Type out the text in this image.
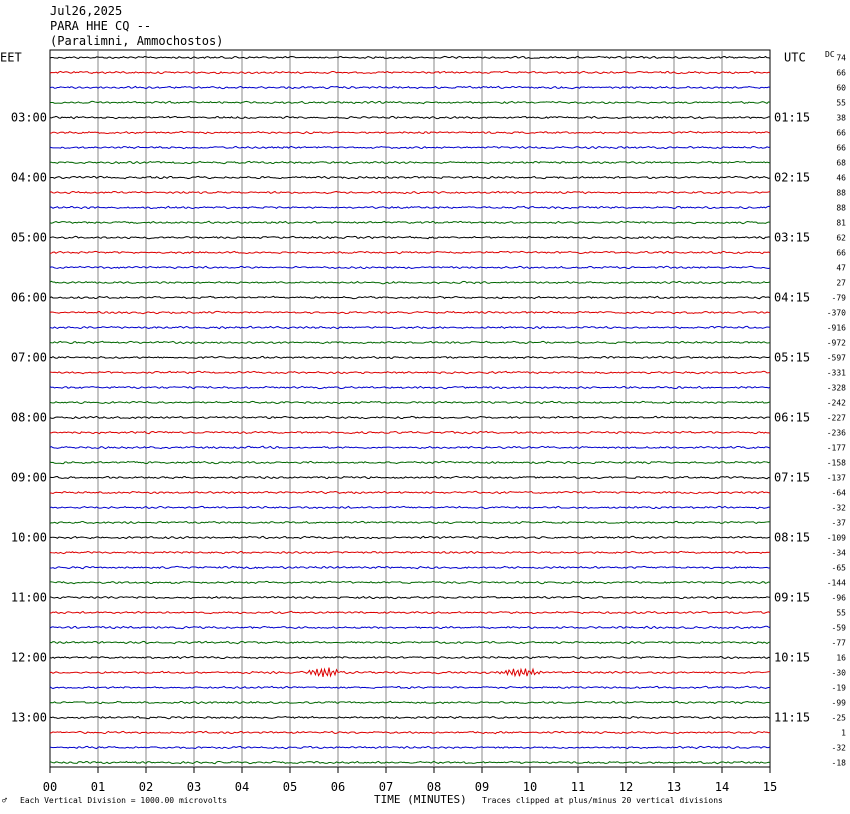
Jul26,2025
PARA HHE CQ --
(Paralimni, Ammochostos)
74
66
60
55
38
66
66
68
46
88
88
81
62
66
47
27
-79
-370
-916
-972
-597
-331
-328
-242
-227
-236
-177
-158
-137
-64
-32
-37
-109
-34
-65
-144
-96
55
-59
-77
16
-30
-19
-99
-25
1
-32
-18
03:00
04:00
05:00
06:00
07:00
08:00
09:00
10:00
11:00
12:00
13:00
01:15
02:15
03:15
04:15
05:15
06:15
07:15
08:15
09:15
10:15
11:15
EET	UTC DC
00	01	02	03	04	05	06	07	08	09	10	11	12	13	14	15
♂ Each Vertical Division = 1000.00 microvolts	TIME (MINUTES) Traces clipped at plus/minus 20 vertical divisions
